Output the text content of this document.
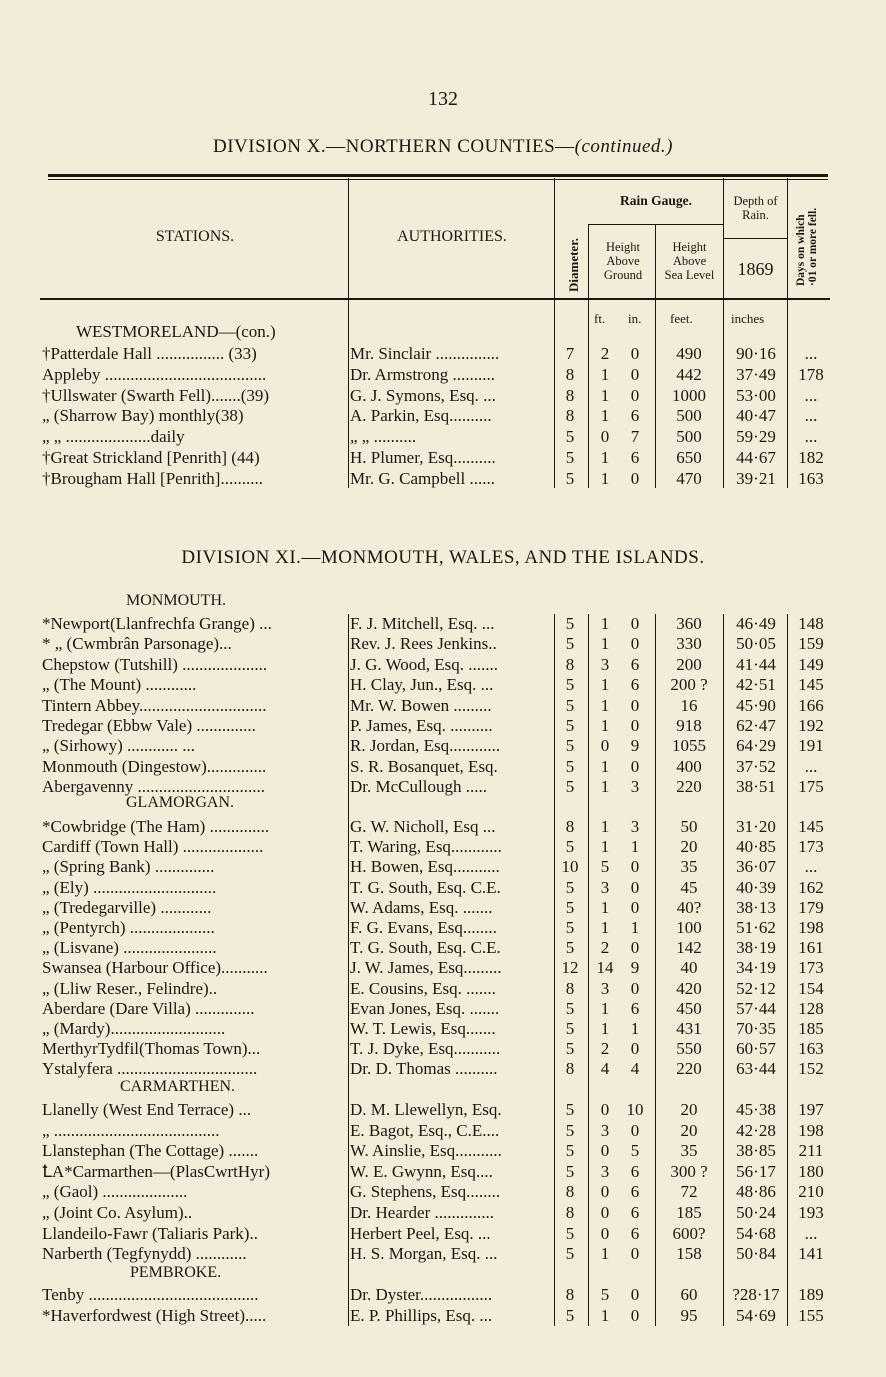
132
DIVISION X.—NORTHERN COUNTIES—(continued.)
STATIONS.	AUTHORITIES.
Rain Gauge.
Diameter.	Height
Above
Ground
Height
Above
Sea Level
Depth of
Rain.
1869	Days on which ·01 or more fell.
ft. in. feet.	inches
WESTMORELAND—(con.)
†Patterdale Hall ................ (33)	Mr. Sinclair ...............	7	2	0	490	90·16	...
Appleby ......................................	Dr. Armstrong ..........	8	1	0	442	37·49	178
†Ullswater (Swarth Fell).......(39)	G. J. Symons, Esq. ...	8	1	0	1000	53·00	...
„ (Sharrow Bay) monthly(38)	A. Parkin, Esq..........	8	1	6	500	40·47	...
„ „ ....................daily	„ „ ..........	5	0	7	500	59·29	...
†Great Strickland [Penrith] (44)	H. Plumer, Esq..........	5	1	6	650	44·67	182
†Brougham Hall [Penrith]..........	Mr. G. Campbell ......	5	1	0	470	39·21	163
DIVISION XI.—MONMOUTH, WALES, AND THE ISLANDS.
MONMOUTH.
*Newport(Llanfrechfa Grange) ...	F. J. Mitchell, Esq. ...	5	1	0	360	46·49	148
* „ (Cwmbrân Parsonage)...	Rev. J. Rees Jenkins..	5	1	0	330	50·05	159
Chepstow (Tutshill) ....................	J. G. Wood, Esq. .......	8	3	6	200	41·44	149
„ (The Mount) ............	H. Clay, Jun., Esq. ...	5	1	6	200 ?	42·51	145
Tintern Abbey..............................	Mr. W. Bowen .........	5	1	0	16	45·90	166
Tredegar (Ebbw Vale) ..............	P. James, Esq. ..........	5	1	0	918	62·47	192
„ (Sirhowy) ............ ...	R. Jordan, Esq............	5	0	9	1055	64·29	191
Monmouth (Dingestow)..............	S. R. Bosanquet, Esq.	5	1	0	400	37·52	...
Abergavenny ..............................	Dr. McCullough .....	5	1	3	220	38·51	175
GLAMORGAN.
*Cowbridge (The Ham) ..............	G. W. Nicholl, Esq ...	8	1	3	50	31·20	145
Cardiff (Town Hall) ...................	T. Waring, Esq............	5	1	1	20	40·85	173
„ (Spring Bank) ..............	H. Bowen, Esq...........	10	5	0	35	36·07	...
„ (Ely) .............................	T. G. South, Esq. C.E.	5	3	0	45	40·39	162
„ (Tredegarville) ............	W. Adams, Esq. .......	5	1	0	40?	38·13	179
„ (Pentyrch) ....................	F. G. Evans, Esq........	5	1	1	100	51·62	198
„ (Lisvane) ......................	T. G. South, Esq. C.E.	5	2	0	142	38·19	161
Swansea (Harbour Office)...........	J. W. James, Esq.........	12	14	9	40	34·19	173
„ (Lliw Reser., Felindre)..	E. Cousins, Esq. .......	8	3	0	420	52·12	154
Aberdare (Dare Villa) ..............	Evan Jones, Esq. .......	5	1	6	450	57·44	128
„ (Mardy)...........................	W. T. Lewis, Esq.......	5	1	1	431	70·35	185
MerthyrTydfil(Thomas Town)...	T. J. Dyke, Esq...........	5	2	0	550	60·57	163
Ystalyfera .................................	Dr. D. Thomas ..........	8	4	4	220	63·44	152
CARMARTHEN.
Llanelly (West End Terrace) ...	D. M. Llewellyn, Esq.	5	0	10	20	45·38	197
„ .......................................	E. Bagot, Esq., C.E....	5	3	0	20	42·28	198
Llanstephan (The Cottage) .......	W. Ainslie, Esq...........	5	0	5	35	38·85	211
ꝈA*Carmarthen—(PlasCwrtHyr)	W. E. Gwynn, Esq....	5	3	6	300 ?	56·17	180
„ (Gaol) ....................	G. Stephens, Esq........	8	0	6	72	48·86	210
„ (Joint Co. Asylum)..	Dr. Hearder ..............	8	0	6	185	50·24	193
Llandeilo-Fawr (Taliaris Park)..	Herbert Peel, Esq. ...	5	0	6	600?	54·68	...
Narberth (Tegfynydd) ............	H. S. Morgan, Esq. ...	5	1	0	158	50·84	141
PEMBROKE.
Tenby ........................................	Dr. Dyster.................	8	5	0	60	?28·17	189
*Haverfordwest (High Street).....	E. P. Phillips, Esq. ...	5	1	0	95	54·69	155
